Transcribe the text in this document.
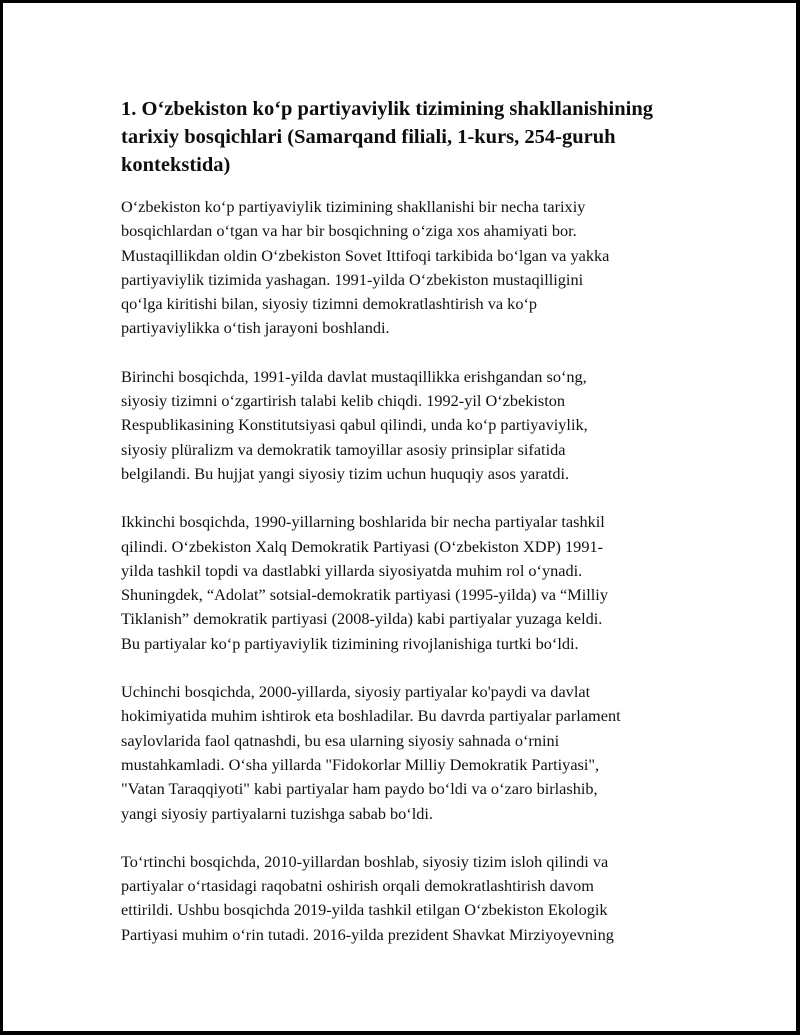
1. O‘zbekiston ko‘p partiyaviylik tizimining shakllanishining
tarixiy bosqichlari (Samarqand filiali, 1-kurs, 254-guruh
kontekstida)

O‘zbekiston ko‘p partiyaviylik tizimining shakllanishi bir necha tarixiy
bosqichlardan o‘tgan va har bir bosqichning o‘ziga xos ahamiyati bor.
Mustaqillikdan oldin O‘zbekiston Sovet Ittifoqi tarkibida bo‘lgan va yakka
partiyaviylik tizimida yashagan. 1991-yilda O‘zbekiston mustaqilligini
qo‘lga kiritishi bilan, siyosiy tizimni demokratlashtirish va ko‘p
partiyaviylikka o‘tish jarayoni boshlandi.

Birinchi bosqichda, 1991-yilda davlat mustaqillikka erishgandan so‘ng,
siyosiy tizimni o‘zgartirish talabi kelib chiqdi. 1992-yil O‘zbekiston
Respublikasining Konstitutsiyasi qabul qilindi, unda ko‘p partiyaviylik,
siyosiy plüralizm va demokratik tamoyillar asosiy prinsiplar sifatida
belgilandi. Bu hujjat yangi siyosiy tizim uchun huquqiy asos yaratdi.

Ikkinchi bosqichda, 1990-yillarning boshlarida bir necha partiyalar tashkil
qilindi. O‘zbekiston Xalq Demokratik Partiyasi (O‘zbekiston XDP) 1991-
yilda tashkil topdi va dastlabki yillarda siyosiyatda muhim rol o‘ynadi.
Shuningdek, “Adolat” sotsial-demokratik partiyasi (1995-yilda) va “Milliy
Tiklanish” demokratik partiyasi (2008-yilda) kabi partiyalar yuzaga keldi.
Bu partiyalar ko‘p partiyaviylik tizimining rivojlanishiga turtki bo‘ldi.

Uchinchi bosqichda, 2000-yillarda, siyosiy partiyalar ko'paydi va davlat
hokimiyatida muhim ishtirok eta boshladilar. Bu davrda partiyalar parlament
saylovlarida faol qatnashdi, bu esa ularning siyosiy sahnada o‘rnini
mustahkamladi. O‘sha yillarda "Fidokorlar Milliy Demokratik Partiyasi",
"Vatan Taraqqiyoti" kabi partiyalar ham paydo bo‘ldi va o‘zaro birlashib,
yangi siyosiy partiyalarni tuzishga sabab bo‘ldi.

To‘rtinchi bosqichda, 2010-yillardan boshlab, siyosiy tizim isloh qilindi va
partiyalar o‘rtasidagi raqobatni oshirish orqali demokratlashtirish davom
ettirildi. Ushbu bosqichda 2019-yilda tashkil etilgan O‘zbekiston Ekologik
Partiyasi muhim o‘rin tutadi. 2016-yilda prezident Shavkat Mirziyoyevning
